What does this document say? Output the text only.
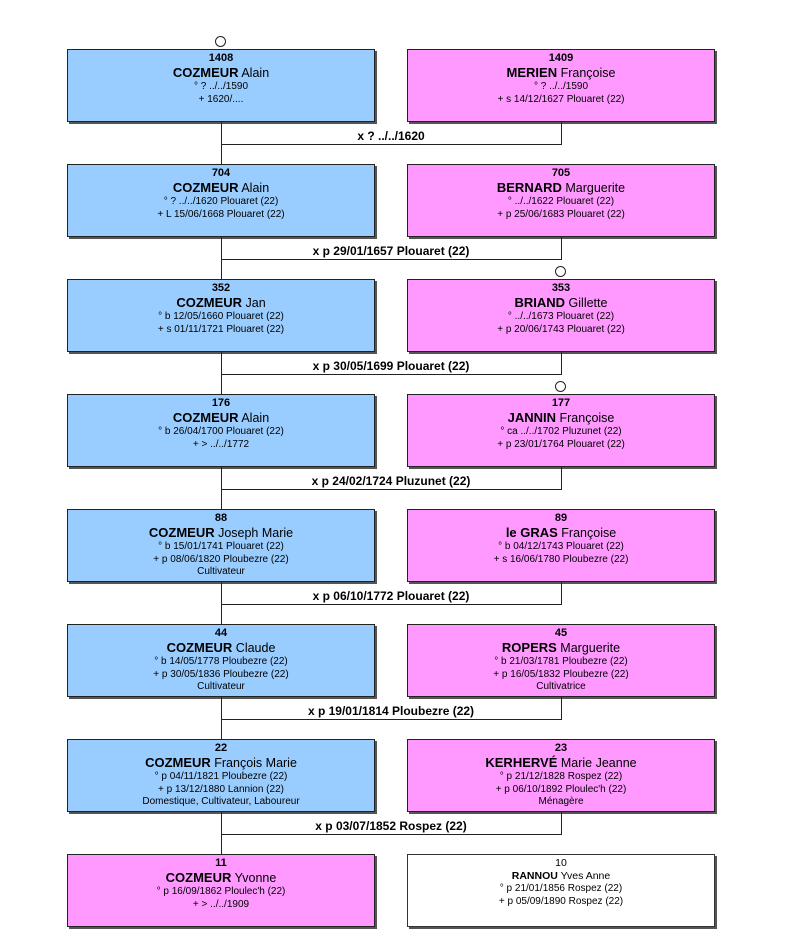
1408
COZMEUR Alain
° ? ../../1590
+ 1620/....
1409
MERIEN Françoise
° ? ../../1590
+ s 14/12/1627 Plouaret (22)
x ? ../../1620
704
COZMEUR Alain
° ? ../../1620 Plouaret (22)
+ L 15/06/1668 Plouaret (22)
705
BERNARD Marguerite
° ../../1622 Plouaret (22)
+ p 25/06/1683 Plouaret (22)
x p 29/01/1657 Plouaret (22)
352
COZMEUR Jan
° b 12/05/1660 Plouaret (22)
+ s 01/11/1721 Plouaret (22)
353
BRIAND Gillette
° ../../1673 Plouaret (22)
+ p 20/06/1743 Plouaret (22)
x p 30/05/1699 Plouaret (22)
176
COZMEUR Alain
° b 26/04/1700 Plouaret (22)
+ > ../../1772
177
JANNIN Françoise
° ca ../../1702 Pluzunet (22)
+ p 23/01/1764 Plouaret (22)
x p 24/02/1724 Pluzunet (22)
88
COZMEUR Joseph Marie
° b 15/01/1741 Plouaret (22)
+ p 08/06/1820 Ploubezre (22)
Cultivateur
89
le GRAS Françoise
° b 04/12/1743 Plouaret (22)
+ s 16/06/1780 Ploubezre (22)
x p 06/10/1772 Plouaret (22)
44
COZMEUR Claude
° b 14/05/1778 Ploubezre (22)
+ p 30/05/1836 Ploubezre (22)
Cultivateur
45
ROPERS Marguerite
° b 21/03/1781 Ploubezre (22)
+ p 16/05/1832 Ploubezre (22)
Cultivatrice
x p 19/01/1814 Ploubezre (22)
22
COZMEUR François Marie
° p 04/11/1821 Ploubezre (22)
+ p 13/12/1880 Lannion (22)
Domestique, Cultivateur, Laboureur
23
KERHERVÉ Marie Jeanne
° p 21/12/1828 Rospez (22)
+ p 06/10/1892 Ploulec'h (22)
Ménagère
x p 03/07/1852 Rospez (22)
11
COZMEUR Yvonne
° p 16/09/1862 Ploulec'h (22)
+ > ../../1909
10
RANNOU Yves Anne
° p 21/01/1856 Rospez (22)
+ p 05/09/1890 Rospez (22)
